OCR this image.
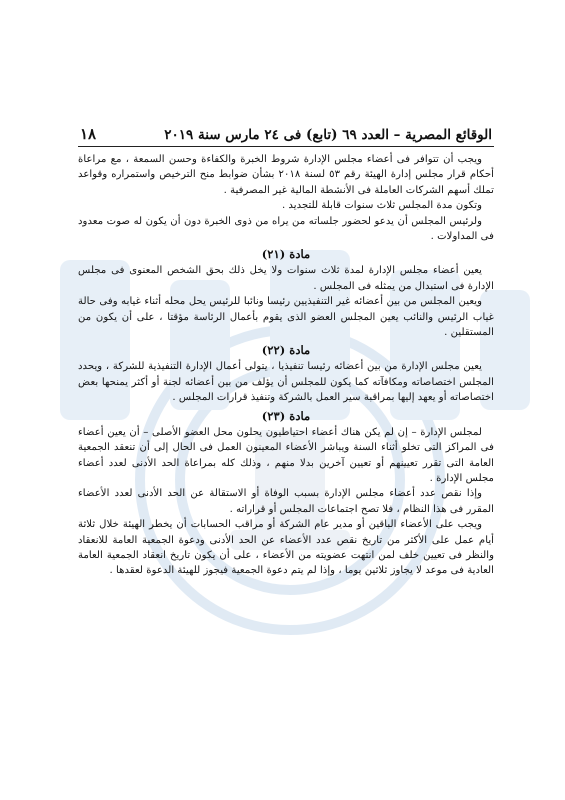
الوقائع المصرية – العدد ٦٩ (تابع) فى ٢٤ مارس سنة ٢٠١٩
١٨

ويجب أن تتوافر فى أعضاء مجلس الإدارة شروط الخبرة والكفاءة وحسن السمعة ، مع مراعاة أحكام قرار مجلس إدارة الهيئة رقم ٥٣ لسنة ٢٠١٨ بشأن ضوابط منح الترخيص واستمراره وقواعد تملك أسهم الشركات العاملة فى الأنشطة المالية غير المصرفية .

وتكون مدة المجلس ثلاث سنوات قابلة للتجديد .

ولرئيس المجلس أن يدعو لحضور جلساته من يراه من ذوى الخبرة دون أن يكون له صوت معدود فى المداولات .

مادة (٢١)

يعين أعضاء مجلس الإدارة لمدة ثلاث سنوات ولا يخل ذلك بحق الشخص المعنوى فى مجلس الإدارة فى استبدال من يمثله فى المجلس .

ويعين المجلس من بين أعضائه غير التنفيذيين رئيسا ونائبا للرئيس يحل محله أثناء غيابه وفى حالة غياب الرئيس والنائب يعين المجلس العضو الذى يقوم بأعمال الرئاسة مؤقتا ، على أن يكون من المستقلين .

مادة (٢٢)

يعين مجلس الإدارة من بين أعضائه رئيسا تنفيذيا ، يتولى أعمال الإدارة التنفيذية للشركة ، ويحدد المجلس اختصاصاته ومكافآته كما يكون للمجلس أن يؤلف من بين أعضائه لجنة أو أكثر يمنحها بعض اختصاصاته أو يعهد إليها بمراقبة سير العمل بالشركة وتنفيذ قرارات المجلس .

مادة (٢٣)

لمجلس الإدارة – إن لم يكن هناك أعضاء احتياطيون يحلون محل العضو الأصلى – أن يعين أعضاء فى المراكز التى تخلو أثناء السنة ويباشر الأعضاء المعينون العمل فى الحال إلى أن تنعقد الجمعية العامة التى تقرر تعيينهم أو تعيين آخرين بدلا منهم ، وذلك كله بمراعاة الحد الأدنى لعدد أعضاء مجلس الإدارة .

وإذا نقص عدد أعضاء مجلس الإدارة بسبب الوفاة أو الاستقالة عن الحد الأدنى لعدد الأعضاء المقرر فى هذا النظام ، فلا تصح اجتماعات المجلس أو قراراته .

ويجب على الأعضاء الباقين أو مدير عام الشركة أو مراقب الحسابات أن يخطر الهيئة خلال ثلاثة أيام عمل على الأكثر من تاريخ نقص عدد الأعضاء عن الحد الأدنى ودعوة الجمعية العامة للانعقاد والنظر فى تعيين خلف لمن انتهت عضويته من الأعضاء ، على أن يكون تاريخ انعقاد الجمعية العامة العادية فى موعد لا يجاوز ثلاثين يوما ، وإذا لم يتم دعوة الجمعية فيجوز للهيئة الدعوة لعقدها .
